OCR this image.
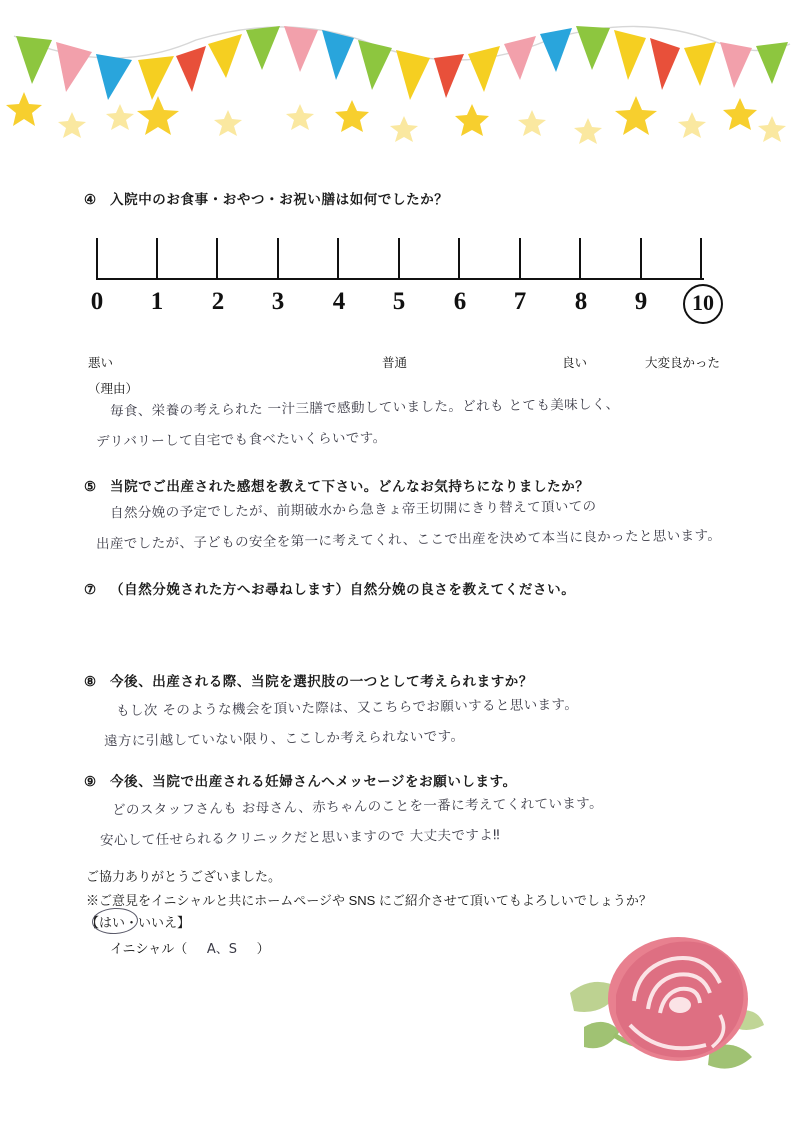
④ 入院中のお食事・おやつ・お祝い膳は如何でしたか？
0	1	2	3	4	5	6	7	8	9	10
悪い	普通	良い	大変良かった
（理由）
毎食、栄養の考えられた 一汁三膳で感動していました。どれも とても美味しく、
デリバリーして自宅でも食べたいくらいです。
⑤ 当院でご出産された感想を教えて下さい。どんなお気持ちになりましたか？
自然分娩の予定でしたが、前期破水から急きょ帝王切開にきり替えて頂いての
出産でしたが、子どもの安全を第一に考えてくれ、ここで出産を決めて本当に良かったと思います。
⑦ （自然分娩された方へお尋ねします）自然分娩の良さを教えてください。
⑧ 今後、出産される際、当院を選択肢の一つとして考えられますか？
もし次 そのような機会を頂いた際は、又こちらでお願いすると思います。
遠方に引越していない限り、ここしか考えられないです。
⑨ 今後、当院で出産される妊婦さんへメッセージをお願いします。
どのスタッフさんも お母さん、赤ちゃんのことを一番に考えてくれています。
安心して任せられるクリニックだと思いますので 大丈夫ですよ‼
ご協力ありがとうございました。
※ご意見をイニシャルと共にホームページや SNS にご紹介させて頂いてもよろしいでしょうか？
【はい・いいえ】
イニシャル（ A、S ）
